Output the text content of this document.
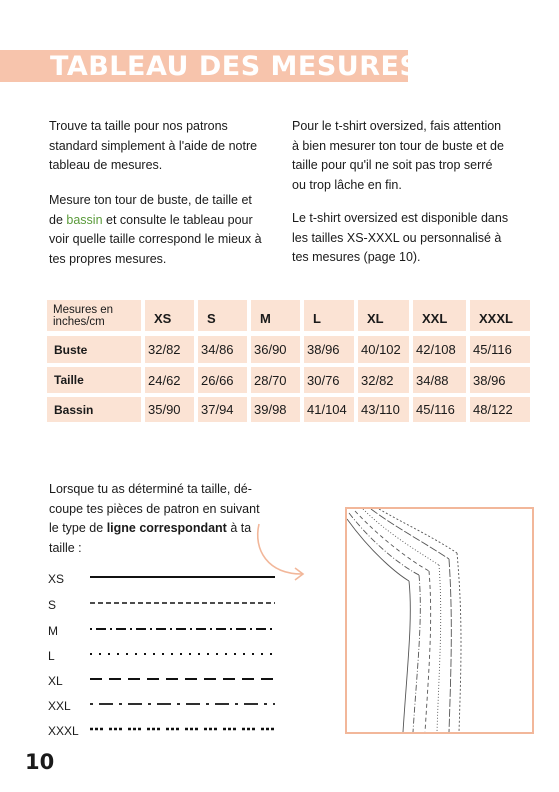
TABLEAU DES MESURES
Trouve ta taille pour nos patrons
standard simplement à l'aide de notre
tableau de mesures.
Mesure ton tour de buste, de taille et
de bassin et consulte le tableau pour
voir quelle taille correspond le mieux à
tes propres mesures.
Pour le t-shirt oversized, fais attention
à bien mesurer ton tour de buste et de
taille pour qu'il ne soit pas trop serré
ou trop lâche en fin.
Le t-shirt oversized est disponible dans
les tailles XS-XXXL ou personnalisé à
tes mesures (page 10).
Mesures en inches/cm	XS	S	M	L	XL	XXL	XXXL
Buste	32/82	34/86	36/90	38/96	40/102	42/108	45/116
Taille	24/62	26/66	28/70	30/76	32/82	34/88	38/96
Bassin	35/90	37/94	39/98	41/104	43/110	45/116	48/122
Lorsque tu as déterminé ta taille, dé-
coupe tes pièces de patron en suivant
le type de ligne correspondant à ta
taille :
XS
S
M
L
XL
XXL
XXXL
10
